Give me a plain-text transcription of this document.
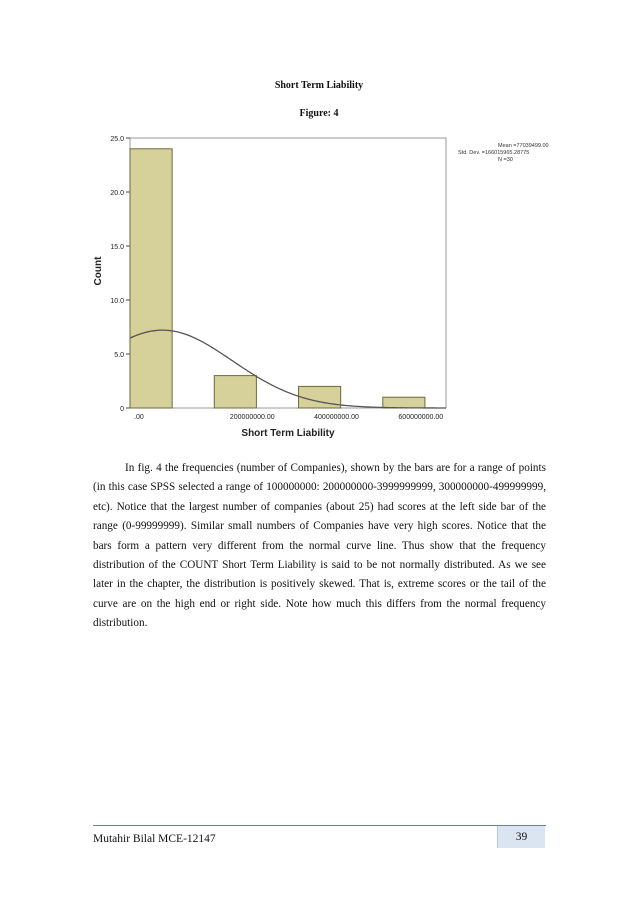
Short Term Liability
Figure: 4
0
5.0
10.0
15.0
20.0
25.0
.00	200000000.00	400000000.00	600000000.00
Count
Short Term Liability
Mean =77039499.00
Std. Dev. =166015965.28775
N =30

In fig. 4 the frequencies (number of Companies), shown by the bars are for a range of points (in this case SPSS selected a range of 100000000: 200000000-3999999999, 300000000-499999999, etc). Notice that the largest number of companies (about 25) had scores at the left side bar of the range (0-99999999). Similar small numbers of Companies have very high scores. Notice that the bars form a pattern very different from the normal curve line. Thus show that the frequency distribution of the COUNT Short Term Liability is said to be not normally distributed. As we see later in the chapter, the distribution is positively skewed. That is, extreme scores or the tail of the curve are on the high end or right side. Note how much this differs from the normal frequency distribution.

Mutahir Bilal MCE-12147	39
